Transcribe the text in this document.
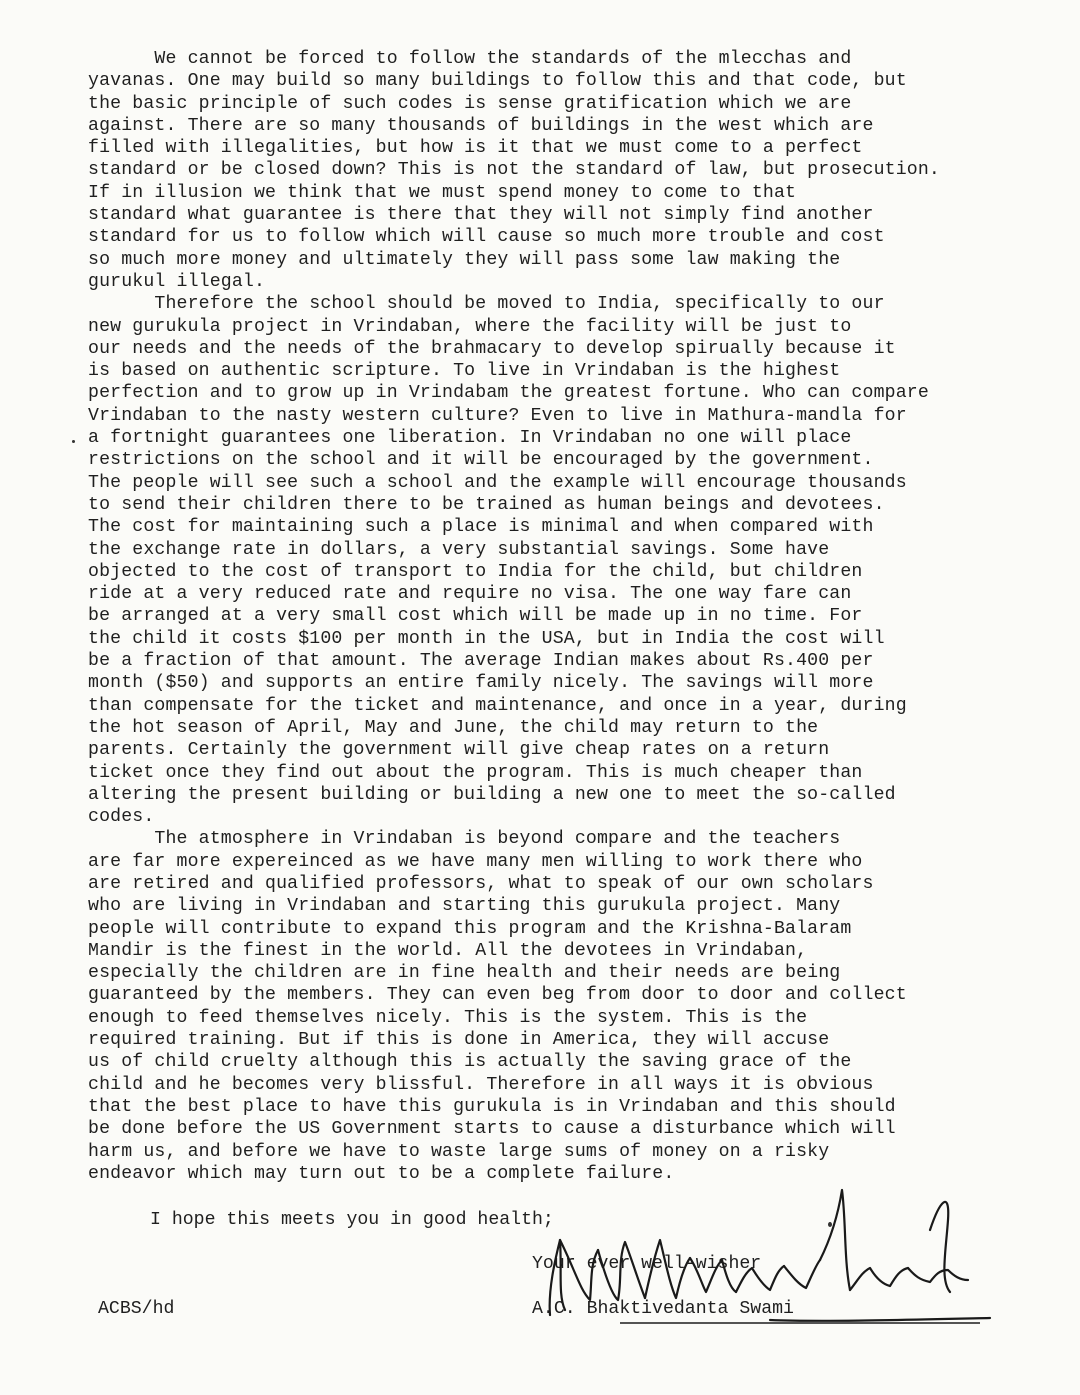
We cannot be forced to follow the standards of the mlecchas and
yavanas. One may build so many buildings to follow this and that code, but
the basic principle of such codes is sense gratification which we are
against. There are so many thousands of buildings in the west which are
filled with illegalities, but how is it that we must come to a perfect
standard or be closed down? This is not the standard of law, but prosecution.
If in illusion we think that we must spend money to come to that
standard what guarantee is there that they will not simply find another
standard for us to follow which will cause so much more trouble and cost
so much more money and ultimately they will pass some law making the
gurukul illegal.
Therefore the school should be moved to India, specifically to our
new gurukula project in Vrindaban, where the facility will be just to
our needs and the needs of the brahmacary to develop spirually because it
is based on authentic scripture. To live in Vrindaban is the highest
perfection and to grow up in Vrindabam the greatest fortune. Who can compare
Vrindaban to the nasty western culture? Even to live in Mathura-mandla for
a fortnight guarantees one liberation. In Vrindaban no one will place
restrictions on the school and it will be encouraged by the government.
The people will see such a school and the example will encourage thousands
to send their children there to be trained as human beings and devotees.
The cost for maintaining such a place is minimal and when compared with
the exchange rate in dollars, a very substantial savings. Some have
objected to the cost of transport to India for the child, but children
ride at a very reduced rate and require no visa. The one way fare can
be arranged at a very small cost which will be made up in no time. For
the child it costs $100 per month in the USA, but in India the cost will
be a fraction of that amount. The average Indian makes about Rs.400 per
month ($50) and supports an entire family nicely. The savings will more
than compensate for the ticket and maintenance, and once in a year, during
the hot season of April, May and June, the child may return to the
parents. Certainly the government will give cheap rates on a return
ticket once they find out about the program. This is much cheaper than
altering the present building or building a new one to meet the so-called
codes.
The atmosphere in Vrindaban is beyond compare and the teachers
are far more expereinced as we have many men willing to work there who
are retired and qualified professors, what to speak of our own scholars
who are living in Vrindaban and starting this gurukula project. Many
people will contribute to expand this program and the Krishna-Balaram
Mandir is the finest in the world. All the devotees in Vrindaban,
especially the children are in fine health and their needs are being
guaranteed by the members. They can even beg from door to door and collect
enough to feed themselves nicely. This is the system. This is the
required training. But if this is done in America, they will accuse
us of child cruelty although this is actually the saving grace of the
child and he becomes very blissful. Therefore in all ways it is obvious
that the best place to have this gurukula is in Vrindaban and this should
be done before the US Government starts to cause a disturbance which will
harm us, and before we have to waste large sums of money on a risky
endeavor which may turn out to be a complete failure.
I hope this meets you in good health;
Your ever well-wisher
ACBS/hd	A.C. Bhaktivedanta Swami
